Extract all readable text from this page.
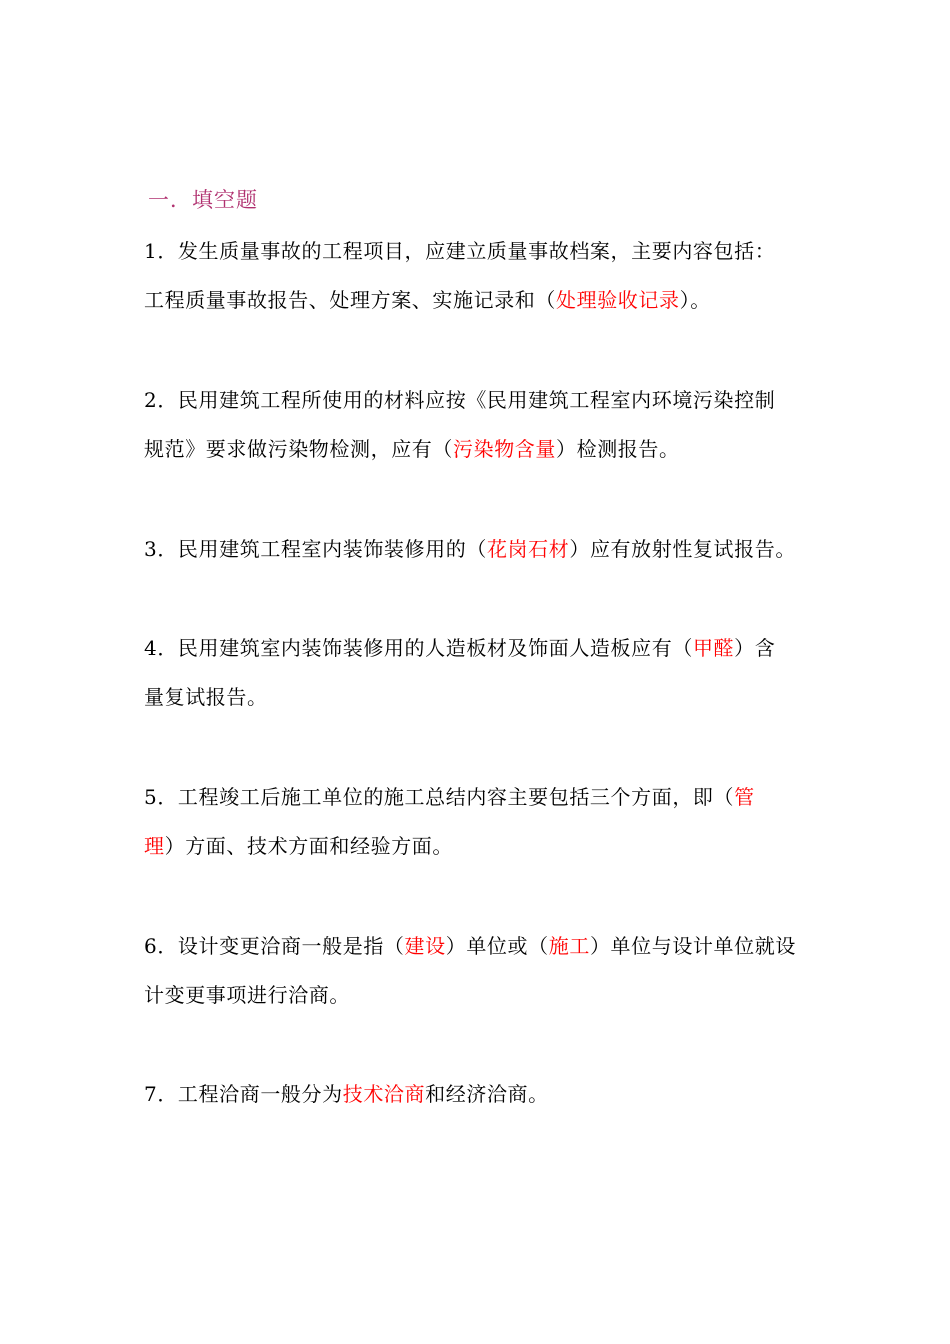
一．填空题
1．发生质量事故的工程项目，应建立质量事故档案，主要内容包括：
工程质量事故报告、处理方案、实施记录和（处理验收记录）。
2．民用建筑工程所使用的材料应按《民用建筑工程室内环境污染控制
规范》要求做污染物检测，应有（污染物含量）检测报告。
3．民用建筑工程室内装饰装修用的（花岗石材）应有放射性复试报告。
4．民用建筑室内装饰装修用的人造板材及饰面人造板应有（甲醛）含
量复试报告。
5．工程竣工后施工单位的施工总结内容主要包括三个方面，即（管
理）方面、技术方面和经验方面。
6．设计变更洽商一般是指（建设）单位或（施工）单位与设计单位就设
计变更事项进行洽商。
7．工程洽商一般分为技术洽商和经济洽商。
